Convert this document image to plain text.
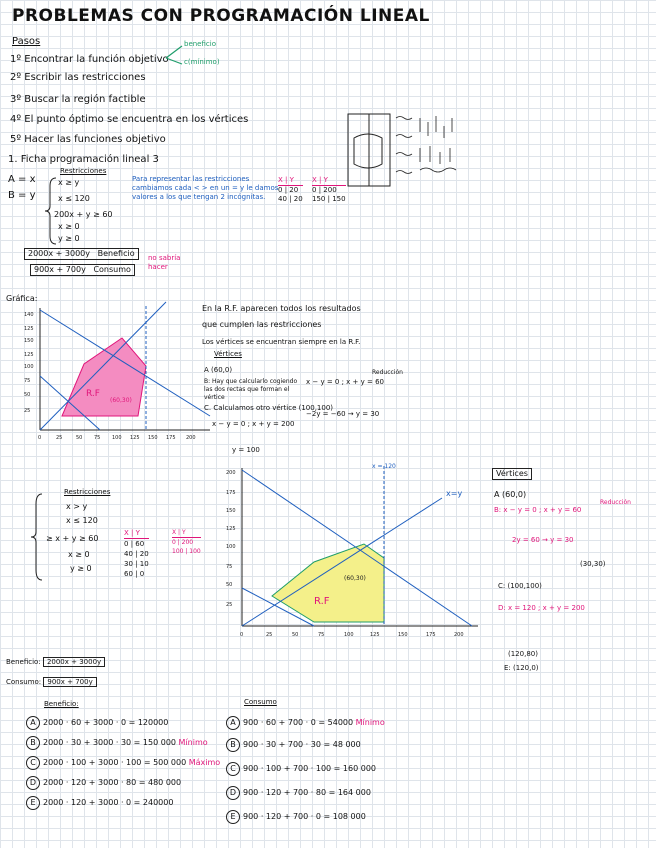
PROBLEMAS CON PROGRAMACIÓN LINEAL
Pasos
1º Encontrar la función objetivo
beneficio
c(mínimo)
2º Escribir las restricciones
3º Buscar la región factible
4º El punto óptimo se encuentra en los vértices
5º Hacer las funciones objetivo
1. Ficha programación lineal 3
A = x
B = y
Restricciones
x ≥ y
x ≤ 120
200x + y ≥ 60
x ≥ 0
y ≥ 0
Para representar las restricciones cambiamos cada < > en un = y le damos valores a los que tengan 2 incógnitas.
X | Y
0 | 20
40 | 20
X | Y
0 | 200
150 | 150
2000x + 3000y Beneficio
900x + 700y Consumo
no sabría hacer
Gráfica:
R.F
(60,30)
140
125
150
125
100
75
50
25
0	25	50 75 100 125 150 175 200
En la R.F. aparecen todos los resultados
que cumplen las restricciones
Los vértices se encuentran siempre en la R.F.
Vértices
A (60,0)
B: Hay que calcularlo cogiendo las dos rectas que forman el vértice
x − y = 0 ; x + y = 60
Reducción
−2y = −60 → y = 30
C. Calculamos otro vértice (100,100)
x − y = 0 ; x + y = 200
y = 100
Restricciones
x > y
x ≤ 120
≥ x + y ≥ 60
x ≥ 0
y ≥ 0
X | Y
0 | 60
40 | 20
30 | 10
60 | 0
X | Y
0 | 200
100 | 100
x = 120
x=y
R.F
(60,30)
200
175
150
125
100
75
50
25
0	25	50	75	100	125	150	175	200
Vértices
A (60,0)
B: x − y = 0 ; x + y = 60
Reducción
2y = 60 → y = 30
(30,30)
C: (100,100)
D: x = 120 ; x + y = 200
(120,80)
E: (120,0)
Beneficio: 2000x + 3000y
Consumo: 900x + 700y
Beneficio:
A 2000 · 60 + 3000 · 0 = 120000
B 2000 · 30 + 3000 · 30 = 150 000 Mínimo
C 2000 · 100 + 3000 · 100 = 500 000 Máximo
D 2000 · 120 + 3000 · 80 = 480 000
E 2000 · 120 + 3000 · 0 = 240000
Consumo
A 900 · 60 + 700 · 0 = 54000 Mínimo
B 900 · 30 + 700 · 30 = 48 000
C 900 · 100 + 700 · 100 = 160 000
D 900 · 120 + 700 · 80 = 164 000
E 900 · 120 + 700 · 0 = 108 000
